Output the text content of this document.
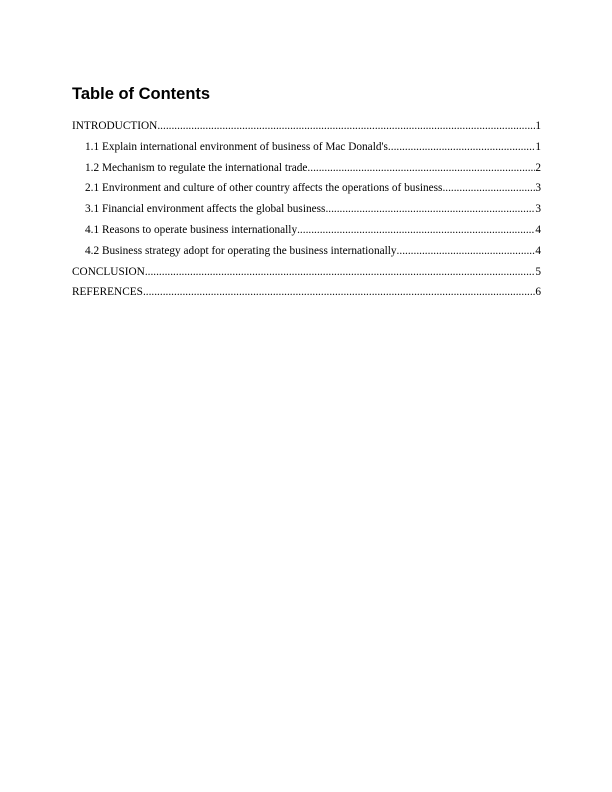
Table of Contents
INTRODUCTION .....	1
1.1 Explain international environment of business of Mac Donald's .....	1
1.2 Mechanism to regulate the international trade .....	2
2.1 Environment and culture of other country affects the operations of business .....	3
3.1 Financial environment affects the global business .....	3
4.1 Reasons to operate business internationally .....	4
4.2 Business strategy adopt for operating the business internationally .....	4
CONCLUSION .....	5
REFERENCES .....	6
